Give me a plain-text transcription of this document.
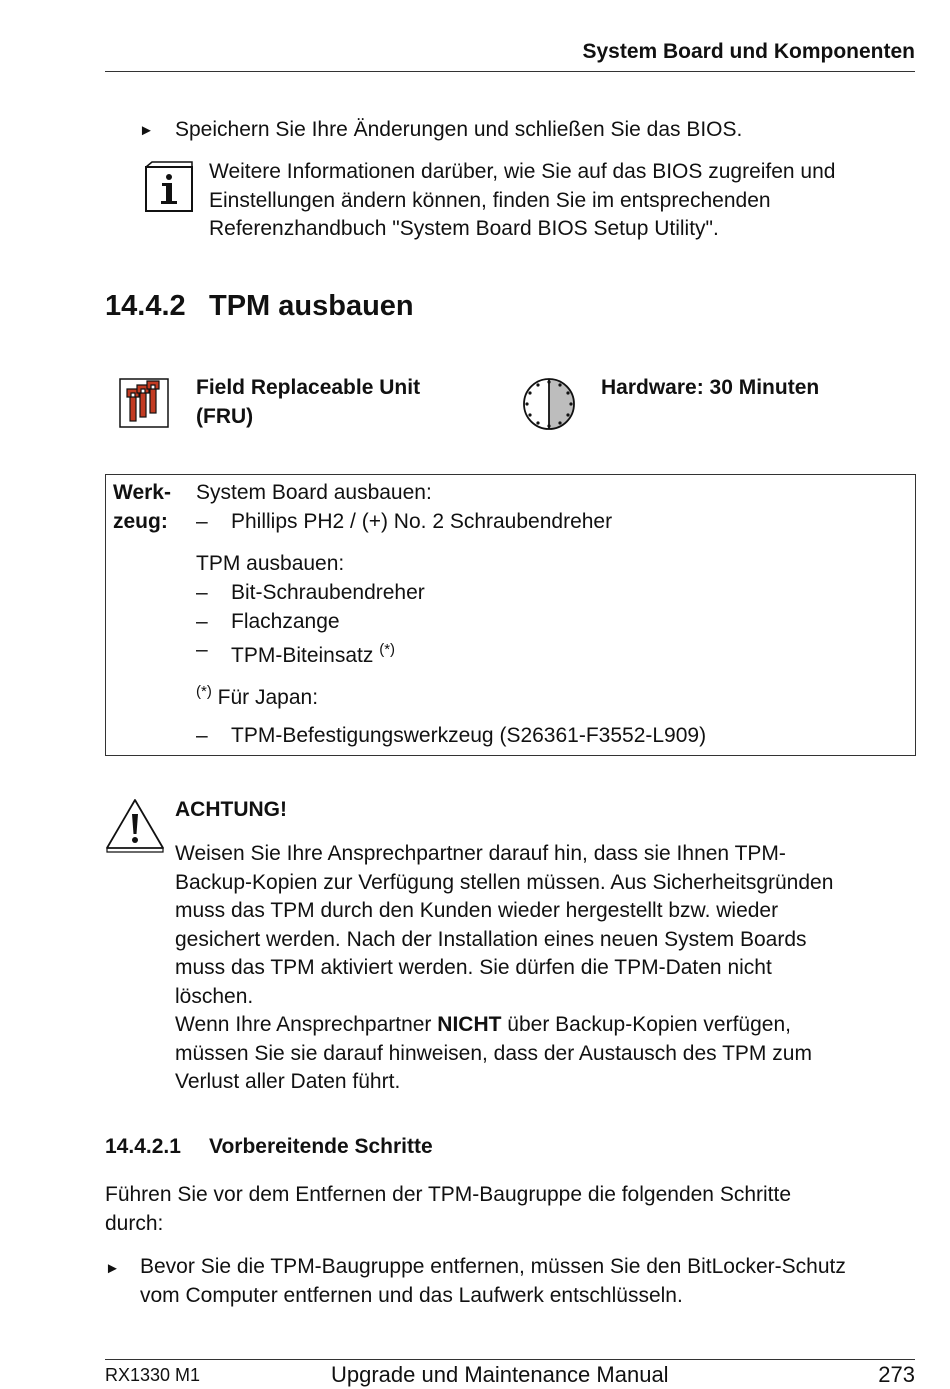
System Board und Komponenten
► Speichern Sie Ihre Änderungen und schließen Sie das BIOS.
Weitere Informationen darüber, wie Sie auf das BIOS zugreifen und
Einstellungen ändern können, finden Sie im entsprechenden
Referenzhandbuch "System Board BIOS Setup Utility".
14.4.2 TPM ausbauen
Field Replaceable Unit
(FRU)
Hardware: 30 Minuten
Werk-
zeug:
System Board ausbauen:
– Phillips PH2 / (+) No. 2 Schraubendreher
TPM ausbauen:
– Bit-Schraubendreher
– Flachzange
– TPM-Biteinsatz (*)
(*) Für Japan:
– TPM-Befestigungswerkzeug (S26361-F3552-L909)
ACHTUNG!
Weisen Sie Ihre Ansprechpartner darauf hin, dass sie Ihnen TPM-
Backup-Kopien zur Verfügung stellen müssen. Aus Sicherheitsgründen
muss das TPM durch den Kunden wieder hergestellt bzw. wieder
gesichert werden. Nach der Installation eines neuen System Boards
muss das TPM aktiviert werden. Sie dürfen die TPM-Daten nicht
löschen.
Wenn Ihre Ansprechpartner NICHT über Backup-Kopien verfügen,
müssen Sie sie darauf hinweisen, dass der Austausch des TPM zum
Verlust aller Daten führt.
14.4.2.1 Vorbereitende Schritte
Führen Sie vor dem Entfernen der TPM-Baugruppe die folgenden Schritte
durch:
► Bevor Sie die TPM-Baugruppe entfernen, müssen Sie den BitLocker-Schutz
vom Computer entfernen und das Laufwerk entschlüsseln.
RX1330 M1	Upgrade und Maintenance Manual	273
